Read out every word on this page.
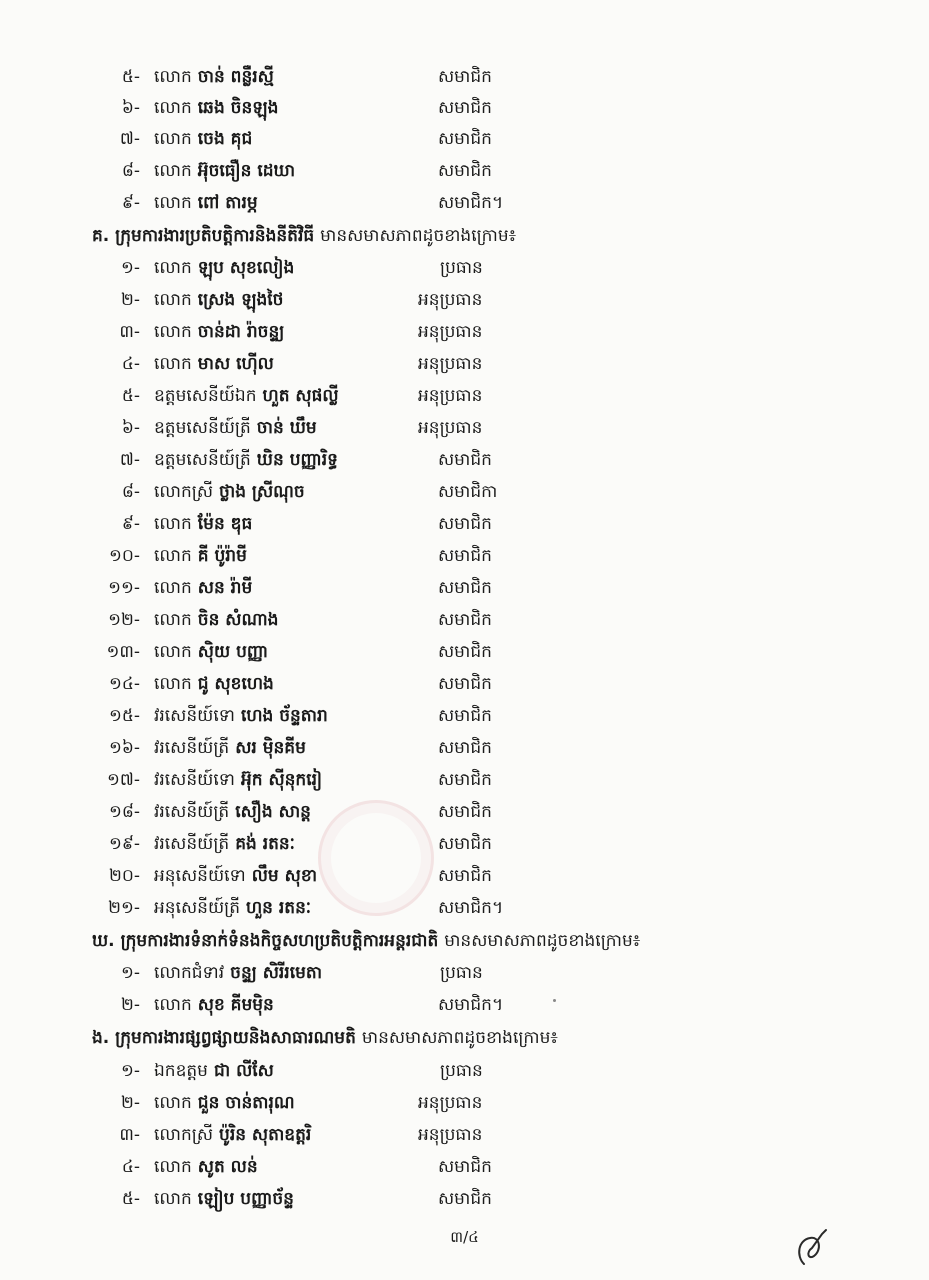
៥- លោក ចាន់ ពន្លឺរស្មី	សមាជិក
៦- លោក ឆេង ចិនឡុង	សមាជិក
៧- លោក ចេង គុជ	សមាជិក
៨- លោក អ៊ុចធឿន ដេឃា	សមាជិក
៩- លោក ពៅ តារម្ភ	សមាជិក។
គ. ក្រុមការងារប្រតិបត្តិការនិងនីតិវិធី មានសមាសភាពដូចខាងក្រោម៖
១- លោក ឡុប សុខលៀង	ប្រធាន
២- លោក ស្រេង ឡុងថៃ	អនុប្រធាន
៣- លោក ចាន់ដា រ៉ាចន្ទ្យ	អនុប្រធាន
៤- លោក មាស ហ៊ើល	អនុប្រធាន
៥- ឧត្តមសេនីយ៍ឯក ហួត សុផល្លី	អនុប្រធាន
៦- ឧត្តមសេនីយ៍ត្រី ចាន់ ឃឹម	អនុប្រធាន
៧- ឧត្តមសេនីយ៍ត្រី ឃិន បញ្ញារិទ្ធ	សមាជិក
៨- លោកស្រី ថ្លាង ស្រីណុច	សមាជិកា
៩- លោក ម៉ែន ឌុធ	សមាជិក
១០- លោក គី ប៉ូរ៉ាមី	សមាជិក
១១- លោក សន រ៉ាមី	សមាជិក
១២- លោក ចិន សំណាង	សមាជិក
១៣- លោក ស៊ិយ បញ្ញា	សមាជិក
១៤- លោក ជូ សុខហេង	សមាជិក
១៥- វរសេនីយ៍ទោ ហេង ច័ន្ទតារា	សមាជិក
១៦- វរសេនីយ៍ត្រី សរ ម៉ិនគីម	សមាជិក
១៧- វរសេនីយ៍ទោ អ៊ុក ស៊ីនុករៀ	សមាជិក
១៨- វរសេនីយ៍ត្រី សឿង សាន្ត	សមាជិក
១៩- វរសេនីយ៍ត្រី គង់ រតនៈ	សមាជិក
២០- អនុសេនីយ៍ទោ លឹម សុខា	សមាជិក
២១- អនុសេនីយ៍ត្រី ហួន រតនៈ	សមាជិក។
ឃ. ក្រុមការងារទំនាក់ទំនងកិច្ចសហប្រតិបត្តិការអន្តរជាតិ មានសមាសភាពដូចខាងក្រោម៖
១- លោកជំទាវ ចន្ទ្យ សិរីរមេតា	ប្រធាន
២- លោក សុខ គីមម៉ិន	សមាជិក។
ង. ក្រុមការងារផ្សព្វផ្សាយនិងសាធារណមតិ មានសមាសភាពដូចខាងក្រោម៖
១- ឯកឧត្តម ជា លីសែ	ប្រធាន
២- លោក ជួន ចាន់តារុណ	អនុប្រធាន
៣- លោកស្រី ប៉ូរិន សុតាឧត្តរិ	អនុប្រធាន
៤- លោក សូត លន់	សមាជិក
៥- លោក ឡៀប បញ្ញាច័ន្ទ	សមាជិក
៣/៤
